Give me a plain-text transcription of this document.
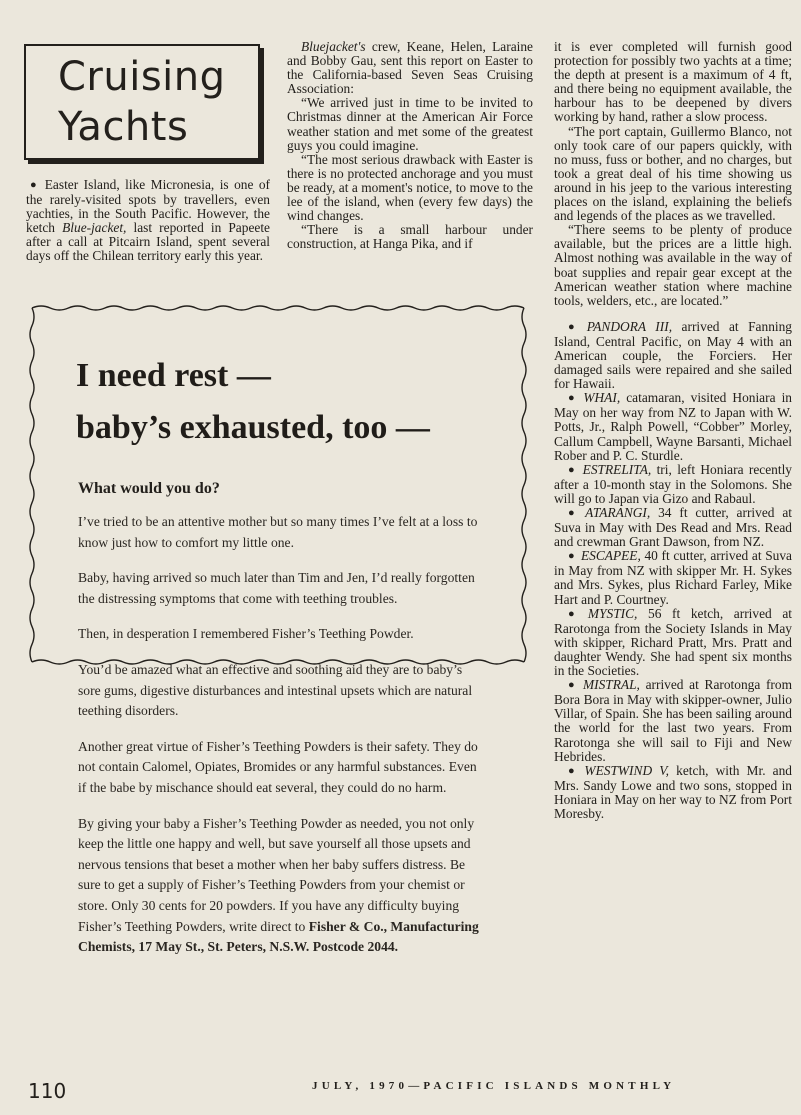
Cruising
Yachts

● Easter Island, like Micronesia, is one of the rarely-visited spots by travellers, even yachties, in the South Pacific. However, the ketch Blue-jacket, last reported in Papeete after a call at Pitcairn Island, spent several days off the Chilean territory early this year.

Bluejacket's crew, Keane, Helen, Laraine and Bobby Gau, sent this report on Easter to the California-based Seven Seas Cruising Association:

“We arrived just in time to be invited to Christmas dinner at the American Air Force weather station and met some of the greatest guys you could imagine.

“The most serious drawback with Easter is there is no protected anchorage and you must be ready, at a moment's notice, to move to the lee of the island, when (every few days) the wind changes.

“There is a small harbour under construction, at Hanga Pika, and if

it is ever completed will furnish good protection for possibly two yachts at a time; the depth at present is a maximum of 4 ft, and there being no equipment available, the harbour has to be deepened by divers working by hand, rather a slow process.

“The port captain, Guillermo Blanco, not only took care of our papers quickly, with no muss, fuss or bother, and no charges, but took a great deal of his time showing us around in his jeep to the various interesting places on the island, explaining the beliefs and legends of the places as we travelled.

“There seems to be plenty of produce available, but the prices are a little high. Almost nothing was available in the way of boat supplies and repair gear except at the American weather station where machine tools, welders, etc., are located.”

● PANDORA III, arrived at Fanning Island, Central Pacific, on May 4 with an American couple, the Forciers. Her damaged sails were repaired and she sailed for Hawaii.

● WHAI, catamaran, visited Honiara in May on her way from NZ to Japan with W. Potts, Jr., Ralph Powell, “Cobber” Morley, Callum Campbell, Wayne Barsanti, Michael Rober and P. C. Sturdle.

● ESTRELITA, tri, left Honiara recently after a 10-month stay in the Solomons. She will go to Japan via Gizo and Rabaul.

● ATARANGI, 34 ft cutter, arrived at Suva in May with Des Read and Mrs. Read and crewman Grant Dawson, from NZ.

● ESCAPEE, 40 ft cutter, arrived at Suva in May from NZ with skipper Mr. H. Sykes and Mrs. Sykes, plus Richard Farley, Mike Hart and P. Courtney.

● MYSTIC, 56 ft ketch, arrived at Rarotonga from the Society Islands in May with skipper, Richard Pratt, Mrs. Pratt and daughter Wendy. She had spent six months in the Societies.

● MISTRAL, arrived at Rarotonga from Bora Bora in May with skipper-owner, Julio Villar, of Spain. She has been sailing around the world for the last two years. From Rarotonga she will sail to Fiji and New Hebrides.

● WESTWIND V, ketch, with Mr. and Mrs. Sandy Lowe and two sons, stopped in Honiara in May on her way to NZ from Port Moresby.

I need rest —
baby’s exhausted, too —
What would you do?

I’ve tried to be an attentive mother but so many times I’ve felt at a loss to know just how to comfort my little one.

Baby, having arrived so much later than Tim and Jen, I’d really forgotten the distressing symptoms that come with teething troubles.

Then, in desperation I remembered Fisher’s Teething Powder.

You’d be amazed what an effective and soothing aid they are to baby’s sore gums, digestive disturbances and intestinal upsets which are natural teething disorders.

Another great virtue of Fisher’s Teething Powders is their safety. They do not contain Calomel, Opiates, Bromides or any harmful substances. Even if the babe by mischance should eat several, they could do no harm.

By giving your baby a Fisher’s Teething Powder as needed, you not only keep the little one happy and well, but save yourself all those upsets and nervous tensions that beset a mother when her baby suffers distress. Be sure to get a supply of Fisher’s Teething Powders from your chemist or store. Only 30 cents for 20 powders. If you have any difficulty buying Fisher’s Teething Powders, write direct to Fisher & Co., Manufacturing Chemists, 17 May St., St. Peters, N.S.W. Postcode 2044.

110	JULY, 1970—PACIFIC ISLANDS MONTHLY
